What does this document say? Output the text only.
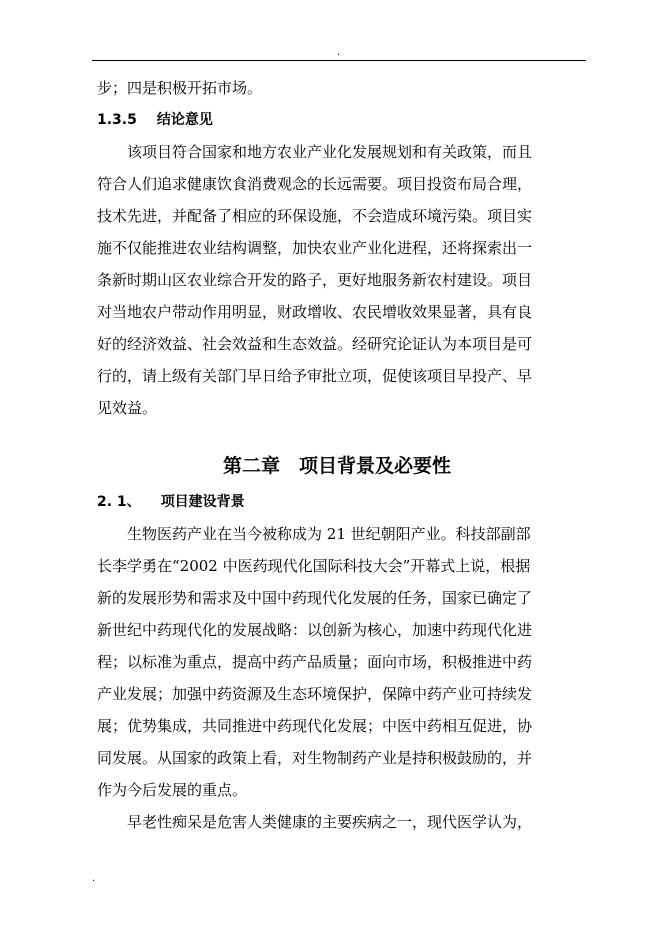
.
步；四是积极开拓市场。
1.3.5 结论意见
该项目符合国家和地方农业产业化发展规划和有关政策，而且
符合人们追求健康饮食消费观念的长远需要。项目投资布局合理，
技术先进，并配备了相应的环保设施，不会造成环境污染。项目实
施不仅能推进农业结构调整，加快农业产业化进程，还将探索出一
条新时期山区农业综合开发的路子，更好地服务新农村建设。项目
对当地农户带动作用明显，财政增收、农民增收效果显著，具有良
好的经济效益、社会效益和生态效益。经研究论证认为本项目是可
行的，请上级有关部门早日给予审批立项，促使该项目早投产、早
见效益。
第二章　项目背景及必要性
2. 1、 项目建设背景
生物医药产业在当今被称成为 21 世纪朝阳产业。科技部副部
长李学勇在“2002 中医药现代化国际科技大会”开幕式上说，根据
新的发展形势和需求及中国中药现代化发展的任务，国家已确定了
新世纪中药现代化的发展战略：以创新为核心，加速中药现代化进
程；以标准为重点，提高中药产品质量；面向市场，积极推进中药
产业发展；加强中药资源及生态环境保护，保障中药产业可持续发
展；优势集成，共同推进中药现代化发展；中医中药相互促进，协
同发展。从国家的政策上看，对生物制药产业是持积极鼓励的，并
作为今后发展的重点。
早老性痴呆是危害人类健康的主要疾病之一，现代医学认为，
.
